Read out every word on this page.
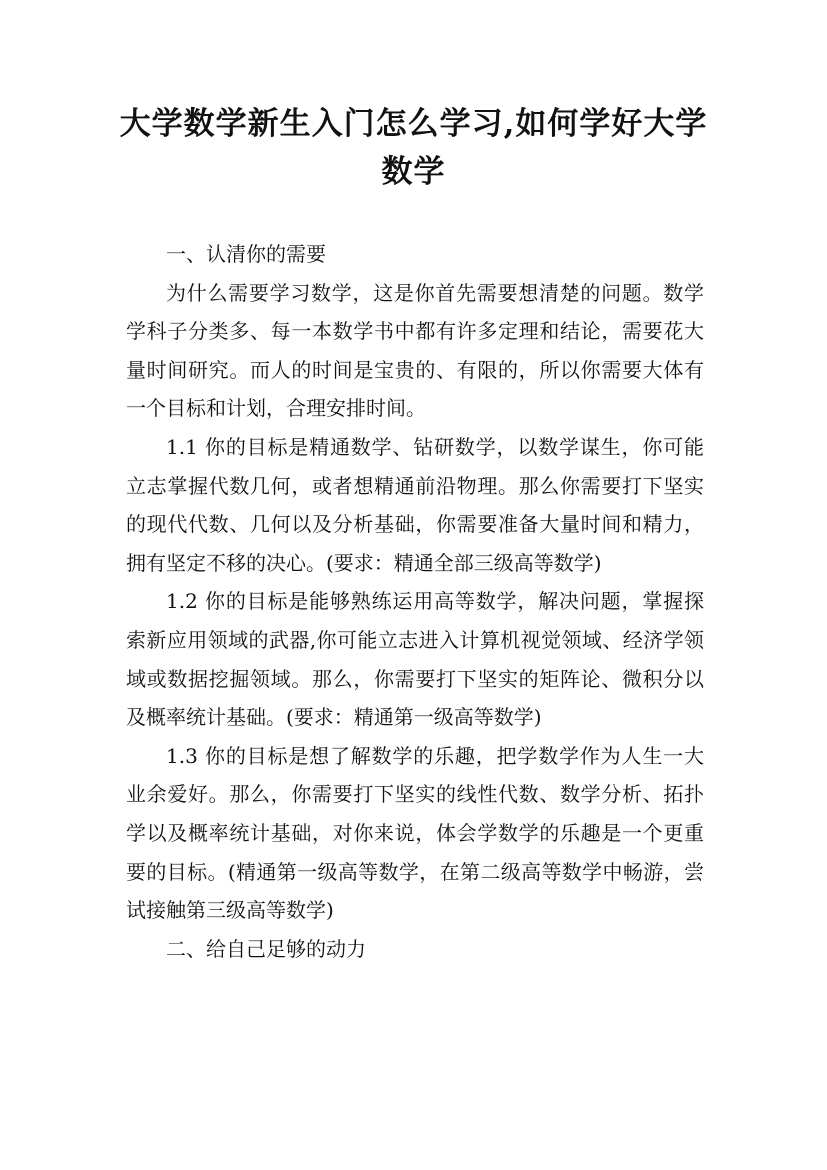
大学数学新生入门怎么学习,如何学好大学
数学

一、认清你的需要

为什么需要学习数学，这是你首先需要想清楚的问题。数学学科子分类多、每一本数学书中都有许多定理和结论，需要花大量时间研究。而人的时间是宝贵的、有限的，所以你需要大体有一个目标和计划，合理安排时间。

1.1 你的目标是精通数学、钻研数学，以数学谋生，你可能立志掌握代数几何，或者想精通前沿物理。那么你需要打下坚实的现代代数、几何以及分析基础，你需要准备大量时间和精力，拥有坚定不移的决心。(要求：精通全部三级高等数学)

1.2 你的目标是能够熟练运用高等数学，解决问题，掌握探索新应用领域的武器,你可能立志进入计算机视觉领域、经济学领域或数据挖掘领域。那么，你需要打下坚实的矩阵论、微积分以及概率统计基础。(要求：精通第一级高等数学)

1.3 你的目标是想了解数学的乐趣，把学数学作为人生一大业余爱好。那么，你需要打下坚实的线性代数、数学分析、拓扑学以及概率统计基础，对你来说，体会学数学的乐趣是一个更重要的目标。(精通第一级高等数学，在第二级高等数学中畅游，尝试接触第三级高等数学)

二、给自己足够的动力
